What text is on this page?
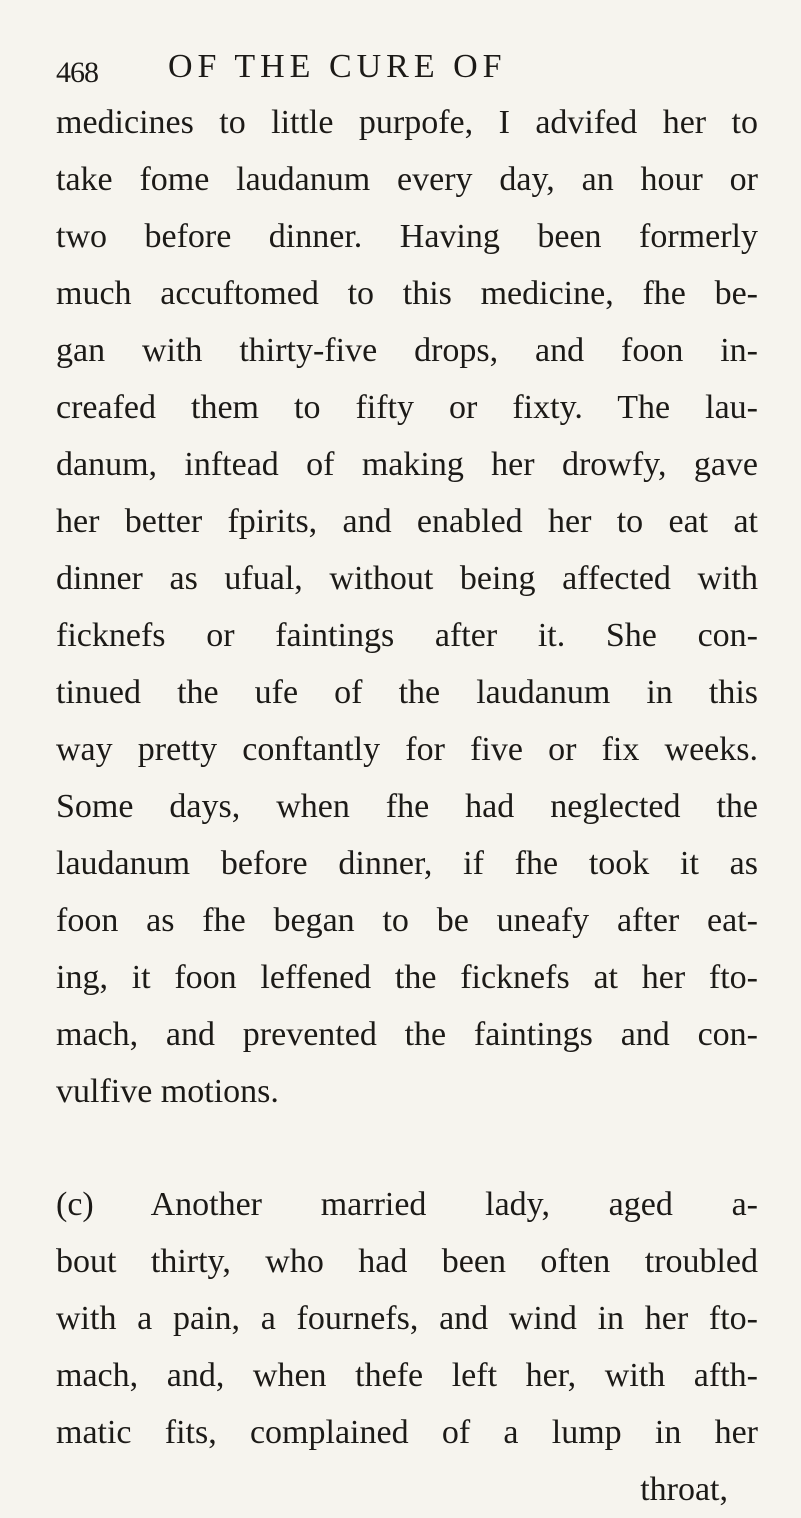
468 OF THE CURE OF
medicines to little purpofe, I advifed her to
take fome laudanum every day, an hour or
two before dinner. Having been formerly
much accuftomed to this medicine, fhe be-
gan with thirty-five drops, and foon in-
creafed them to fifty or fixty. The lau-
danum, inftead of making her drowfy, gave
her better fpirits, and enabled her to eat at
dinner as ufual, without being affected with
ficknefs or faintings after it. She con-
tinued the ufe of the laudanum in this
way pretty conftantly for five or fix weeks.
Some days, when fhe had neglected the
laudanum before dinner, if fhe took it as
foon as fhe began to be uneafy after eat-
ing, it foon leffened the ficknefs at her fto-
mach, and prevented the faintings and con-
vulfive motions.
(c) Another married lady, aged a-
bout thirty, who had been often troubled
with a pain, a fournefs, and wind in her fto-
mach, and, when thefe left her, with afth-
matic fits, complained of a lump in her
throat,
